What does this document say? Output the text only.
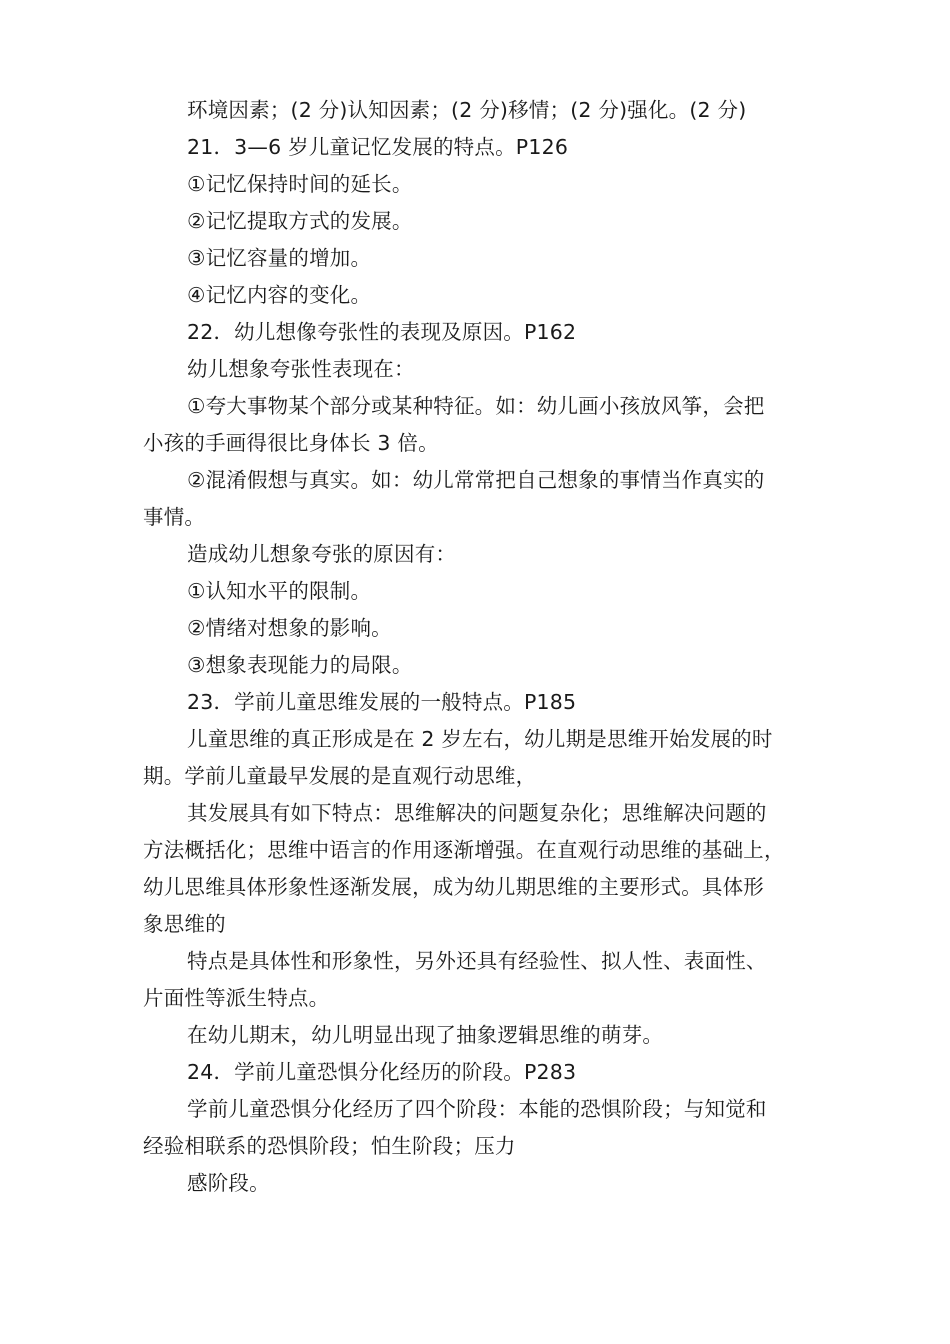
环境因素；(2 分)认知因素；(2 分)移情；(2 分)强化。(2 分)
21．3—6 岁儿童记忆发展的特点。P126
①记忆保持时间的延长。
②记忆提取方式的发展。
③记忆容量的增加。
④记忆内容的变化。
22．幼儿想像夸张性的表现及原因。P162
幼儿想象夸张性表现在：
①夸大事物某个部分或某种特征。如：幼儿画小孩放风筝，会把
小孩的手画得很比身体长 3 倍。
②混淆假想与真实。如：幼儿常常把自己想象的事情当作真实的
事情。
造成幼儿想象夸张的原因有：
①认知水平的限制。
②情绪对想象的影响。
③想象表现能力的局限。
23．学前儿童思维发展的一般特点。P185
儿童思维的真正形成是在 2 岁左右，幼儿期是思维开始发展的时
期。学前儿童最早发展的是直观行动思维，
其发展具有如下特点：思维解决的问题复杂化；思维解决问题的
方法概括化；思维中语言的作用逐渐增强。在直观行动思维的基础上，
幼儿思维具体形象性逐渐发展，成为幼儿期思维的主要形式。具体形
象思维的
特点是具体性和形象性，另外还具有经验性、拟人性、表面性、
片面性等派生特点。
在幼儿期末，幼儿明显出现了抽象逻辑思维的萌芽。
24．学前儿童恐惧分化经历的阶段。P283
学前儿童恐惧分化经历了四个阶段：本能的恐惧阶段；与知觉和
经验相联系的恐惧阶段；怕生阶段；压力
感阶段。
